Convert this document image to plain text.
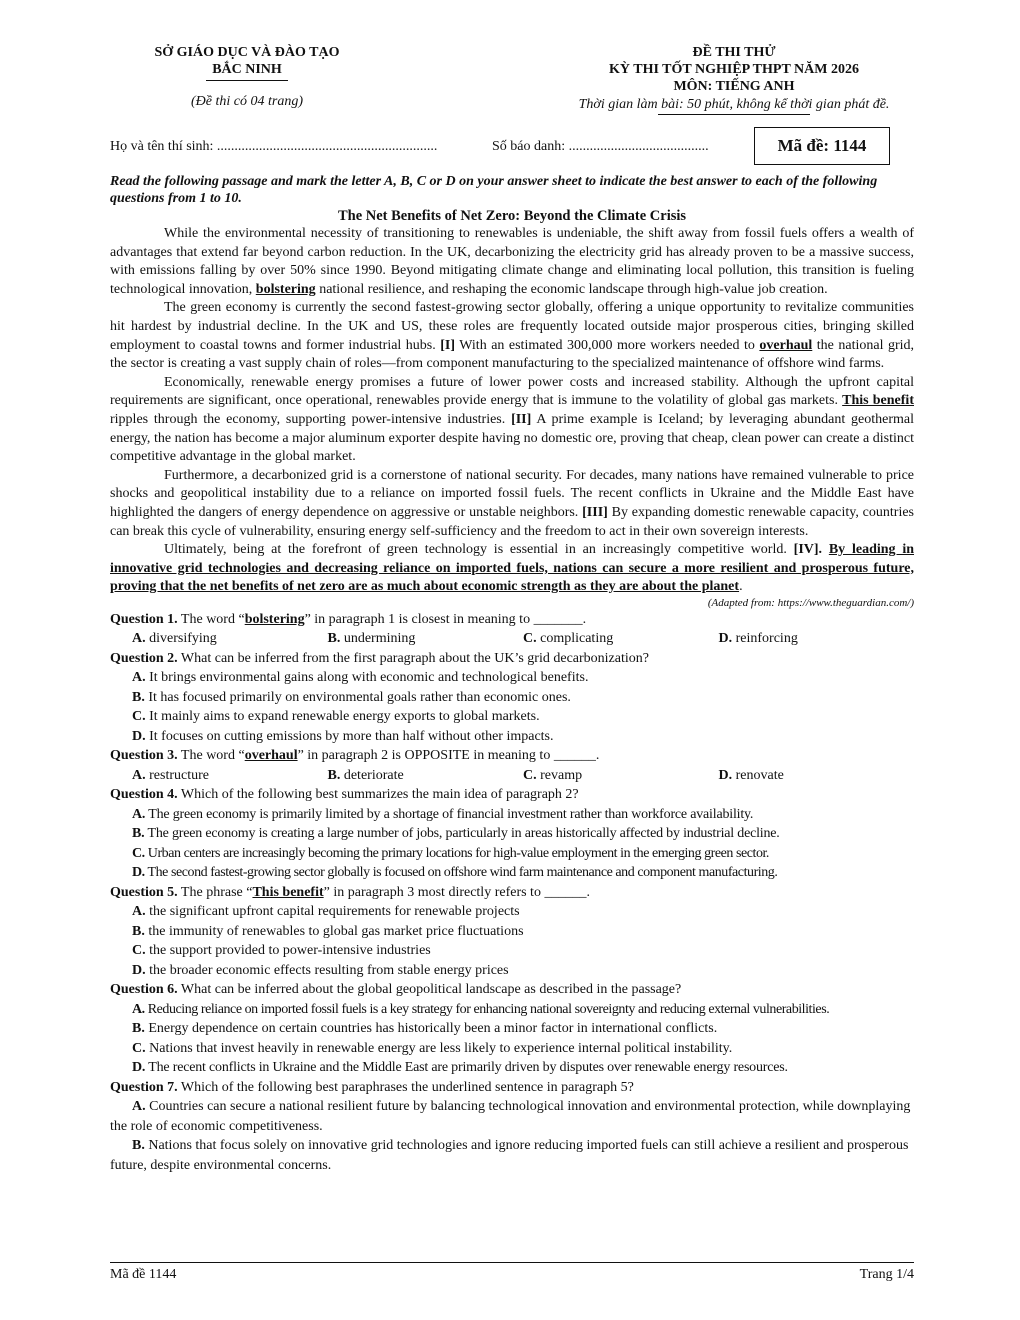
SỞ GIÁO DỤC VÀ ĐÀO TẠO
BẮC NINH
(Đề thi có 04 trang)
ĐỀ THI THỬ
KỲ THI TỐT NGHIỆP THPT NĂM 2026
MÔN: TIẾNG ANH
Thời gian làm bài: 50 phút, không kể thời gian phát đề.
Họ và tên thí sinh: ...............................................................	Số báo danh: ........................................	Mã đề: 1144
Read the following passage and mark the letter A, B, C or D on your answer sheet to indicate the best answer to each of the following questions from 1 to 10.
The Net Benefits of Net Zero: Beyond the Climate Crisis

While the environmental necessity of transitioning to renewables is undeniable, the shift away from fossil fuels offers a wealth of advantages that extend far beyond carbon reduction. In the UK, decarbonizing the electricity grid has already proven to be a massive success, with emissions falling by over 50% since 1990. Beyond mitigating climate change and eliminating local pollution, this transition is fueling technological innovation, bolstering national resilience, and reshaping the economic landscape through high-value job creation.

The green economy is currently the second fastest-growing sector globally, offering a unique opportunity to revitalize communities hit hardest by industrial decline. In the UK and US, these roles are frequently located outside major prosperous cities, bringing skilled employment to coastal towns and former industrial hubs. [I] With an estimated 300,000 more workers needed to overhaul the national grid, the sector is creating a vast supply chain of roles—from component manufacturing to the specialized maintenance of offshore wind farms.

Economically, renewable energy promises a future of lower power costs and increased stability. Although the upfront capital requirements are significant, once operational, renewables provide energy that is immune to the volatility of global gas markets. This benefit ripples through the economy, supporting power-intensive industries. [II] A prime example is Iceland; by leveraging abundant geothermal energy, the nation has become a major aluminum exporter despite having no domestic ore, proving that cheap, clean power can create a distinct competitive advantage in the global market.

Furthermore, a decarbonized grid is a cornerstone of national security. For decades, many nations have remained vulnerable to price shocks and geopolitical instability due to a reliance on imported fossil fuels. The recent conflicts in Ukraine and the Middle East have highlighted the dangers of energy dependence on aggressive or unstable neighbors. [III] By expanding domestic renewable capacity, countries can break this cycle of vulnerability, ensuring energy self-sufficiency and the freedom to act in their own sovereign interests.

Ultimately, being at the forefront of green technology is essential in an increasingly competitive world. [IV]. By leading in innovative grid technologies and decreasing reliance on imported fuels, nations can secure a more resilient and prosperous future, proving that the net benefits of net zero are as much about economic strength as they are about the planet.

(Adapted from: https://www.theguardian.com/)
Question 1. The word “bolstering” in paragraph 1 is closest in meaning to _______.
A. diversifying	B. undermining	C. complicating	D. reinforcing
Question 2. What can be inferred from the first paragraph about the UK’s grid decarbonization?
A. It brings environmental gains along with economic and technological benefits.
B. It has focused primarily on environmental goals rather than economic ones.
C. It mainly aims to expand renewable energy exports to global markets.
D. It focuses on cutting emissions by more than half without other impacts.
Question 3. The word “overhaul” in paragraph 2 is OPPOSITE in meaning to ______.
A. restructure	B. deteriorate	C. revamp	D. renovate
Question 4. Which of the following best summarizes the main idea of paragraph 2?
A. The green economy is primarily limited by a shortage of financial investment rather than workforce availability.
B. The green economy is creating a large number of jobs, particularly in areas historically affected by industrial decline.
C. Urban centers are increasingly becoming the primary locations for high-value employment in the emerging green sector.
D. The second fastest-growing sector globally is focused on offshore wind farm maintenance and component manufacturing.
Question 5. The phrase “This benefit” in paragraph 3 most directly refers to ______.
A. the significant upfront capital requirements for renewable projects
B. the immunity of renewables to global gas market price fluctuations
C. the support provided to power-intensive industries
D. the broader economic effects resulting from stable energy prices
Question 6. What can be inferred about the global geopolitical landscape as described in the passage?
A. Reducing reliance on imported fossil fuels is a key strategy for enhancing national sovereignty and reducing external vulnerabilities.
B. Energy dependence on certain countries has historically been a minor factor in international conflicts.
C. Nations that invest heavily in renewable energy are less likely to experience internal political instability.
D. The recent conflicts in Ukraine and the Middle East are primarily driven by disputes over renewable energy resources.
Question 7. Which of the following best paraphrases the underlined sentence in paragraph 5?
A. Countries can secure a national resilient future by balancing technological innovation and environmental protection, while downplaying the role of economic competitiveness.
B. Nations that focus solely on innovative grid technologies and ignore reducing imported fuels can still achieve a resilient and prosperous future, despite environmental concerns.
Mã đề 1144	Trang 1/4
